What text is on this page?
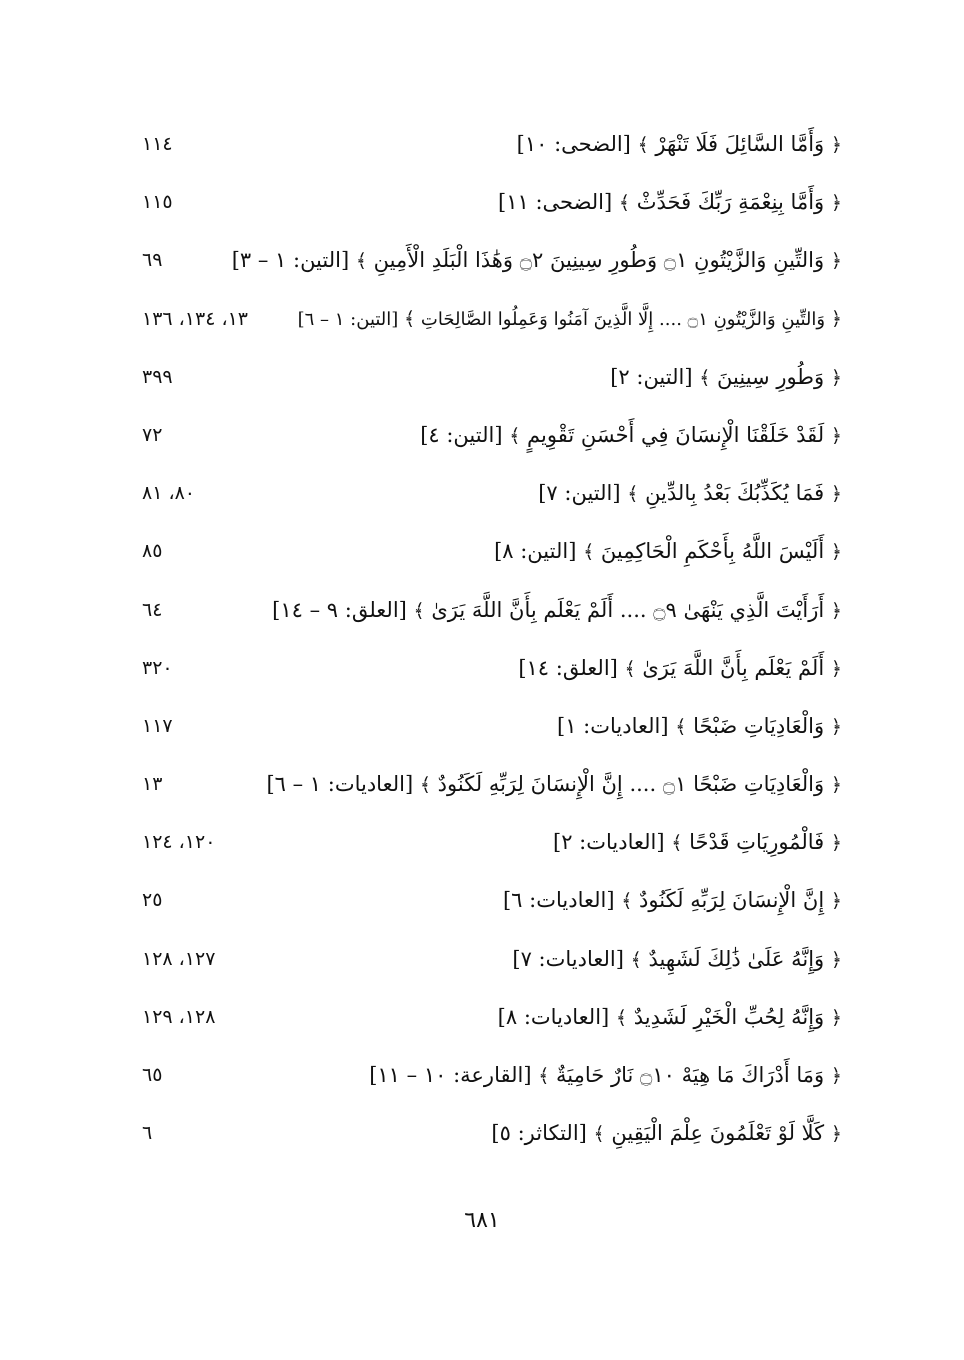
﴿ وَأَمَّا السَّائِلَ فَلَا تَنْهَرْ ﴾ [الضحى: ١٠]
١١٤
﴿ وَأَمَّا بِنِعْمَةِ رَبِّكَ فَحَدِّثْ ﴾ [الضحى: ١١]
١١٥
﴿ وَالتِّينِ وَالزَّيْتُونِ ۝١ وَطُورِ سِينِينَ ۝٢ وَهَٰذَا الْبَلَدِ الْأَمِينِ ﴾ [التين: ١ – ٣]
٦٩
﴿ وَالتِّينِ وَالزَّيْتُونِ ۝١ .... إِلَّا الَّذِينَ آمَنُوا وَعَمِلُوا الصَّالِحَاتِ ﴾ [التين: ١ – ٦]
١٣، ١٣٤، ١٣٦
﴿ وَطُورِ سِينِينَ ﴾ [التين: ٢]
٣٩٩
﴿ لَقَدْ خَلَقْنَا الْإِنسَانَ فِي أَحْسَنِ تَقْوِيمٍ ﴾ [التين: ٤]
٧٢
﴿ فَمَا يُكَذِّبُكَ بَعْدُ بِالدِّينِ ﴾ [التين: ٧]
٨٠، ٨١
﴿ أَلَيْسَ اللَّهُ بِأَحْكَمِ الْحَاكِمِينَ ﴾ [التين: ٨]
٨٥
﴿ أَرَأَيْتَ الَّذِي يَنْهَىٰ ۝٩ .... أَلَمْ يَعْلَم بِأَنَّ اللَّهَ يَرَىٰ ﴾ [العلق: ٩ – ١٤]
٦٤
﴿ أَلَمْ يَعْلَم بِأَنَّ اللَّهَ يَرَىٰ ﴾ [العلق: ١٤]
٣٢٠
﴿ وَالْعَادِيَاتِ ضَبْحًا ﴾ [العاديات: ١]
١١٧
﴿ وَالْعَادِيَاتِ ضَبْحًا ۝١ .... إِنَّ الْإِنسَانَ لِرَبِّهِ لَكَنُودٌ ﴾ [العاديات: ١ – ٦]
١٣
﴿ فَالْمُورِيَاتِ قَدْحًا ﴾ [العاديات: ٢]
١٢٠، ١٢٤
﴿ إِنَّ الْإِنسَانَ لِرَبِّهِ لَكَنُودٌ ﴾ [العاديات: ٦]
٢٥
﴿ وَإِنَّهُ عَلَىٰ ذَٰلِكَ لَشَهِيدٌ ﴾ [العاديات: ٧]
١٢٧، ١٢٨
﴿ وَإِنَّهُ لِحُبِّ الْخَيْرِ لَشَدِيدٌ ﴾ [العاديات: ٨]
١٢٨، ١٢٩
﴿ وَمَا أَدْرَاكَ مَا هِيَهْ ۝١٠ نَارٌ حَامِيَةٌ ﴾ [القارعة: ١٠ – ١١]
٦٥
﴿ كَلَّا لَوْ تَعْلَمُونَ عِلْمَ الْيَقِينِ ﴾ [التكاثر: ٥]
٦
٦٨١
